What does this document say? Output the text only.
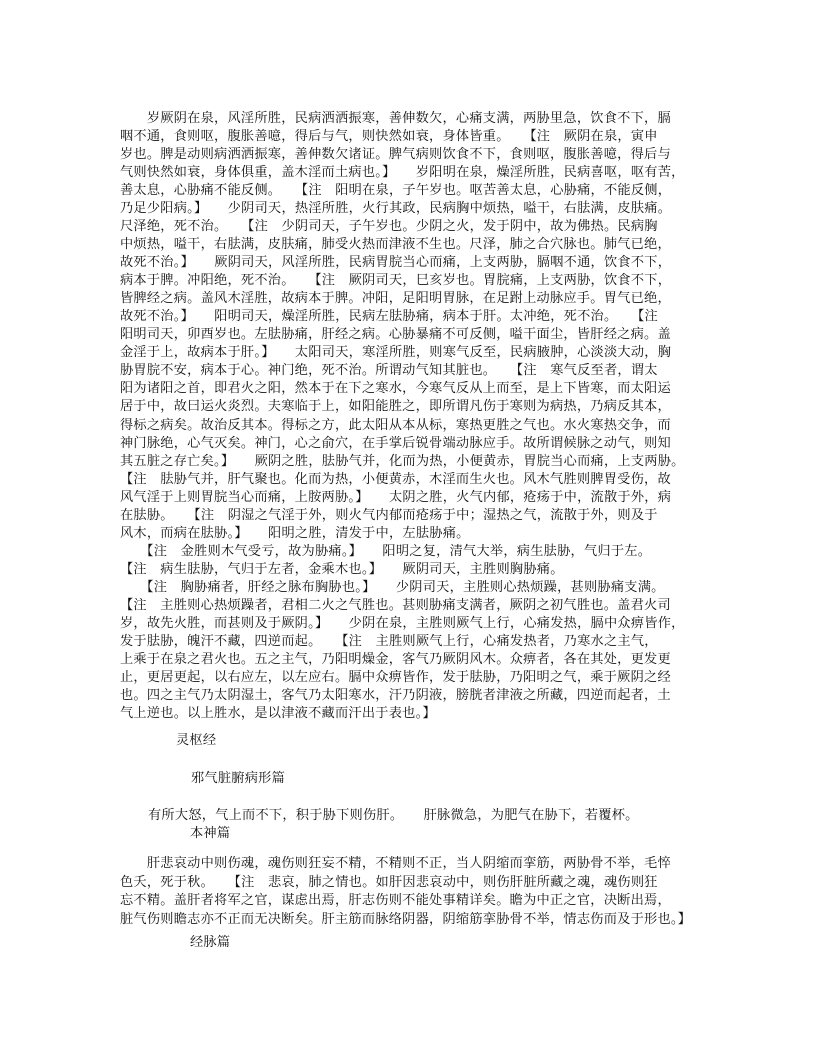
　　岁厥阴在泉，风淫所胜，民病洒洒振寒，善伸数欠，心痛支满，两胁里急，饮食不下，膈
咽不通，食则呕，腹胀善噫，得后与气，则快然如衰，身体皆重。　　【注　厥阴在泉，寅申
岁也。脾是动则病洒洒振寒，善伸数欠诸证。脾气病则饮食不下，食则呕，腹胀善噫，得后与
气则快然如衰，身体俱重，盖木淫而土病也。】　　岁阳明在泉，燥淫所胜，民病喜呕，呕有苦，
善太息，心胁痛不能反侧。　　【注　阳明在泉，子午岁也。呕苦善太息，心胁痛，不能反侧，
乃足少阳病。】　　少阴司天，热淫所胜，火行其政，民病胸中烦热，嗌干，右胠满，皮肤痛。
尺泽绝，死不治。　　【注　少阴司天，子午岁也。少阴之火，发于阴中，故为佛热。民病胸
中烦热，嗌干，右胠满，皮肤痛，肺受火热而津液不生也。尺泽，肺之合穴脉也。肺气已绝，
故死不治。】　　厥阴司天，风淫所胜，民病胃脘当心而痛，上支两胁，膈咽不通，饮食不下，
病本于脾。冲阳绝，死不治。　　【注　厥阴司天，巳亥岁也。胃脘痛，上支两胁，饮食不下，
皆脾经之病。盖风木淫胜，故病本于脾。冲阳，足阳明胃脉，在足跗上动脉应手。胃气已绝，
故死不治。】　　阳明司天，燥淫所胜，民病左胠胁痛，病本于肝。太冲绝，死不治。　　【注
阳明司天，卯酉岁也。左胠胁痛，肝经之病。心胁暴痛不可反侧，嗌干面尘，皆肝经之病。盖
金淫于上，故病本于肝。】　　太阳司天，寒淫所胜，则寒气反至，民病腋肿，心淡淡大动，胸
胁胃脘不安，病本于心。神门绝，死不治。所谓动气知其脏也。　　【注　寒气反至者，谓太
阳为诸阳之首，即君火之阳，然本于在下之寒水，今寒气反从上而至，是上下皆寒，而太阳运
居于中，故曰运火炎烈。夫寒临于上，如阳能胜之，即所谓凡伤于寒则为病热，乃病反其本，
得标之病矣。故治反其本。得标之方，此太阳从本从标，寒热更胜之气也。水火寒热交争，而
神门脉绝，心气灭矣。神门，心之俞穴，在手掌后锐骨端动脉应手。故所谓候脉之动气，则知
其五脏之存亡矣。】　　厥阴之胜，胠胁气并，化而为热，小便黄赤，胃脘当心而痛，上支两胁。
【注　胠胁气并，肝气聚也。化而为热，小便黄赤，木淫而生火也。风木气胜则脾胃受伤，故
风气淫于上则胃脘当心而痛，上胺两胁。】　　太阴之胜，火气内郁，疮疡于中，流散于外，病
在胠胁。　　【注　阴湿之气淫于外，则火气内郁而疮疡于中；湿热之气，流散于外，则及于
风木，而病在胠胁。】　　阳明之胜，清发于中，左胠胁痛。
　　【注　金胜则木气受亏，故为胁痛。】　　阳明之复，清气大举，病生胠胁，气归于左。
【注　病生胠胁，气归于左者，金乘木也。】　　厥阴司天，主胜则胸胁痛。
　　【注　胸胁痛者，肝经之脉布胸胁也。】　　少阴司天，主胜则心热烦躁，甚则胁痛支满。
【注　主胜则心热烦躁者，君相二火之气胜也。甚则胁痛支满者，厥阴之初气胜也。盖君火司
岁，故先火胜，而甚则及于厥阴。】　　少阴在泉，主胜则厥气上行，心痛发热，膈中众痹皆作，
发于胠胁，魄汗不藏，四逆而起。　　【注　主胜则厥气上行，心痛发热者，乃寒水之主气，
上乘于在泉之君火也。五之主气，乃阳明燥金，客气乃厥阴风木。众痹者，各在其处，更发更
止，更居更起，以右应左，以左应右。膈中众痹皆作，发于胠胁，乃阳明之气，乘于厥阴之经
也。四之主气乃太阴湿土，客气乃太阳寒水，汗乃阴液，膀胱者津液之所藏，四逆而起者，土
气上逆也。以上胜水，是以津液不藏而汗出于表也。】
灵枢经
邪气脏腑病形篇
有所大怒，气上而不下，积于胁下则伤肝。　　肝脉微急，为肥气在胁下，若覆杯。
本神篇
　　肝悲哀动中则伤魂，魂伤则狂妄不精，不精则不正，当人阴缩而挛筋，两胁骨不举，毛悴
色夭，死于秋。　　【注　悲哀，肺之情也。如肝因悲哀动中，则伤肝脏所藏之魂，魂伤则狂
忘不精。盖肝者将军之官，谋虑出焉，肝志伤则不能处事精详矣。瞻为中正之官，决断出焉，
脏气伤则瞻志亦不正而无决断矣。肝主筋而脉络阴器，阴缩筋挛胁骨不举，情志伤而及于形也。】
经脉篇
